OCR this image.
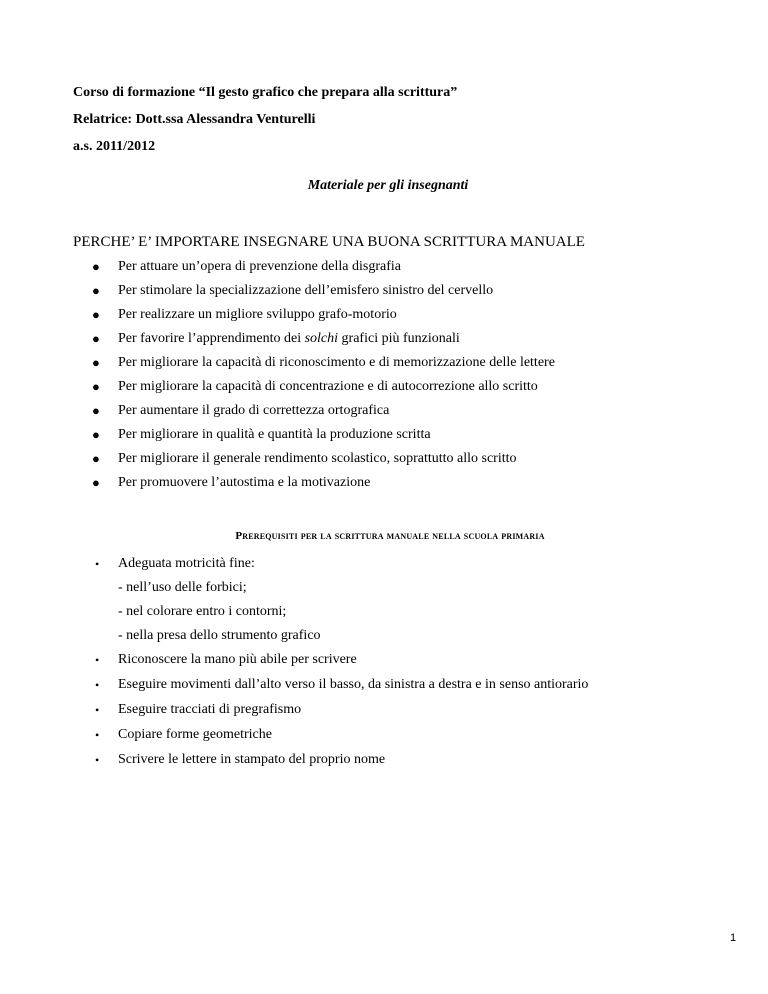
Corso di formazione “Il gesto grafico che prepara alla scrittura”
Relatrice: Dott.ssa Alessandra Venturelli
a.s. 2011/2012
Materiale per gli insegnanti
PERCHE’ E’ IMPORTARE INSEGNARE UNA BUONA SCRITTURA MANUALE
● Per attuare un’opera di prevenzione della disgrafia
● Per stimolare la specializzazione dell’emisfero sinistro del cervello
● Per realizzare un migliore sviluppo grafo-motorio
● Per favorire l’apprendimento dei solchi grafici più funzionali
● Per migliorare la capacità di riconoscimento e di memorizzazione delle lettere
● Per migliorare la capacità di concentrazione e di autocorrezione allo scritto
● Per aumentare il grado di correttezza ortografica
● Per migliorare in qualità e quantità la produzione scritta
● Per migliorare il generale rendimento scolastico, soprattutto allo scritto
● Per promuovere l’autostima e la motivazione
Prerequisiti per la scrittura manuale nella scuola primaria
• Adeguata motricità fine:
- nell’uso delle forbici;
- nel colorare entro i contorni;
- nella presa dello strumento grafico
• Riconoscere la mano più abile per scrivere
• Eseguire movimenti dall’alto verso il basso, da sinistra a destra e in senso antiorario
• Eseguire tracciati di pregrafismo
• Copiare forme geometriche
• Scrivere le lettere in stampato del proprio nome
1
